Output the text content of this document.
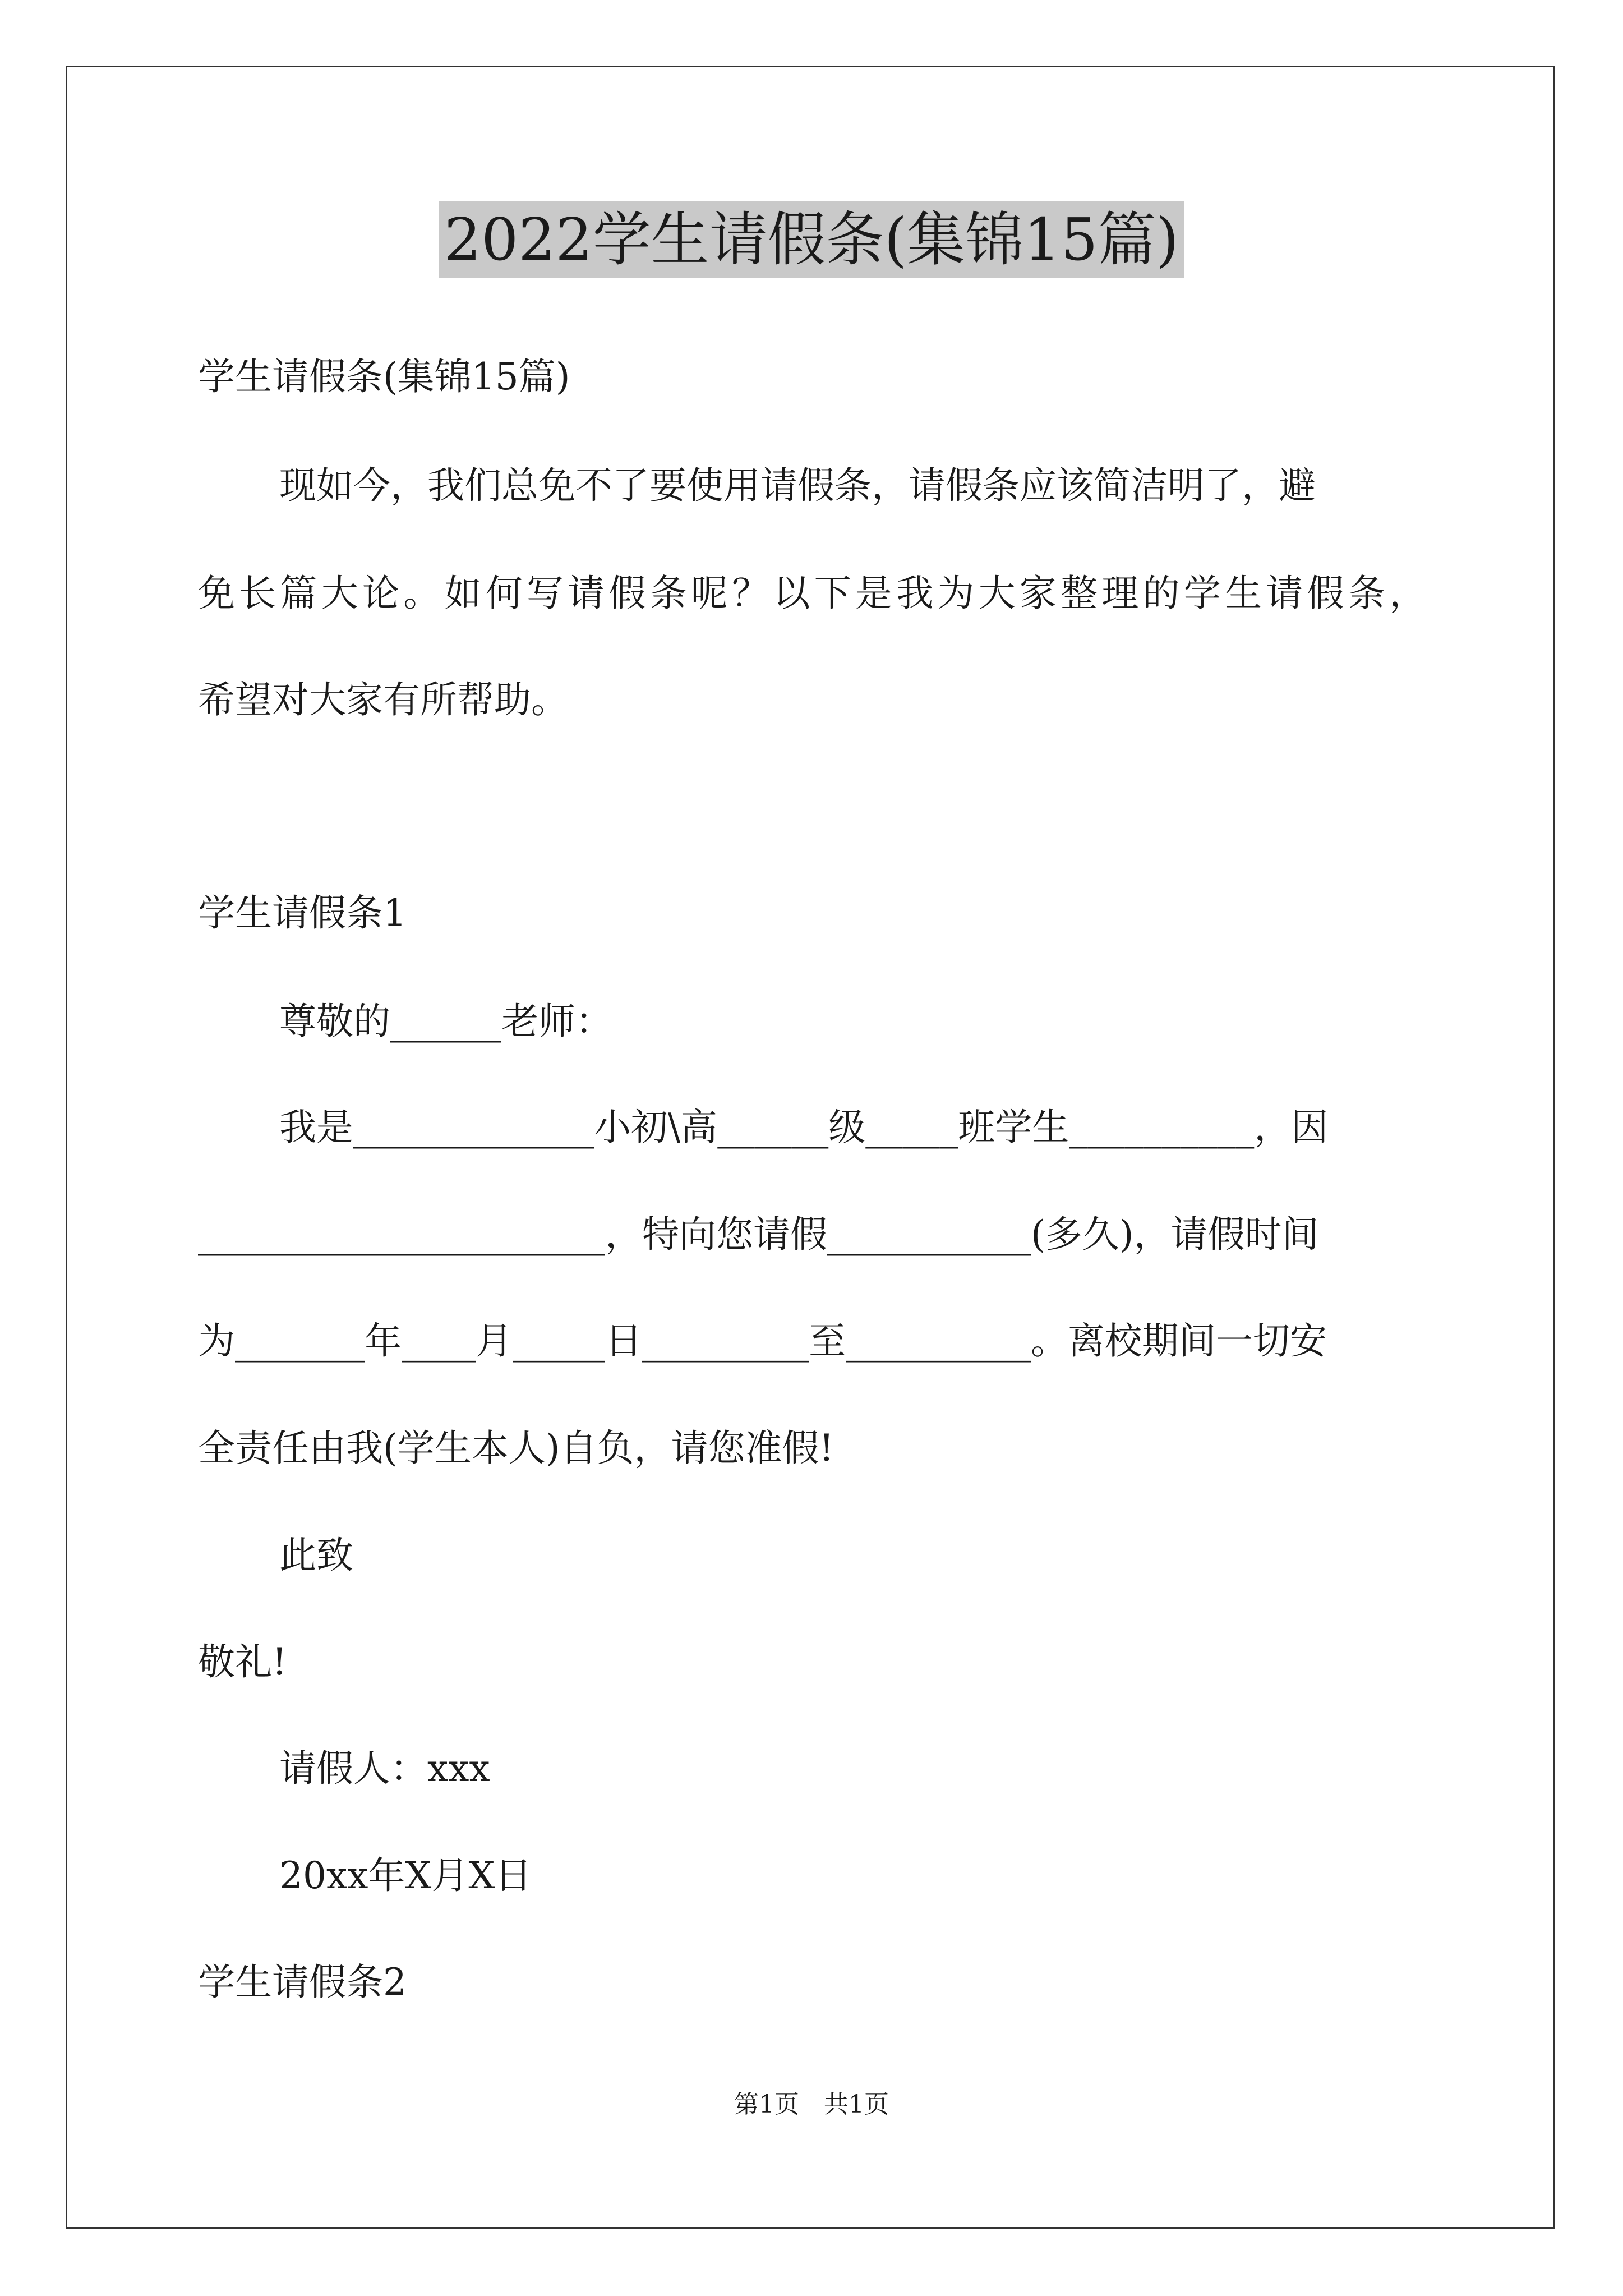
2022学生请假条(集锦15篇)
学生请假条(集锦15篇)
现如今，我们总免不了要使用请假条，请假条应该简洁明了，避
免长篇大论。如何写请假条呢？以下是我为大家整理的学生请假条，
希望对大家有所帮助。
学生请假条1
尊敬的______老师：
我是_____________小初\高______级_____班学生__________，因
______________________，特向您请假___________(多久)，请假时间
为_______年____月_____日_________至__________。离校期间一切安
全责任由我(学生本人)自负，请您准假!
此致
敬礼!
请假人：xxx
20xx年X月X日
学生请假条2
第1页　共1页
